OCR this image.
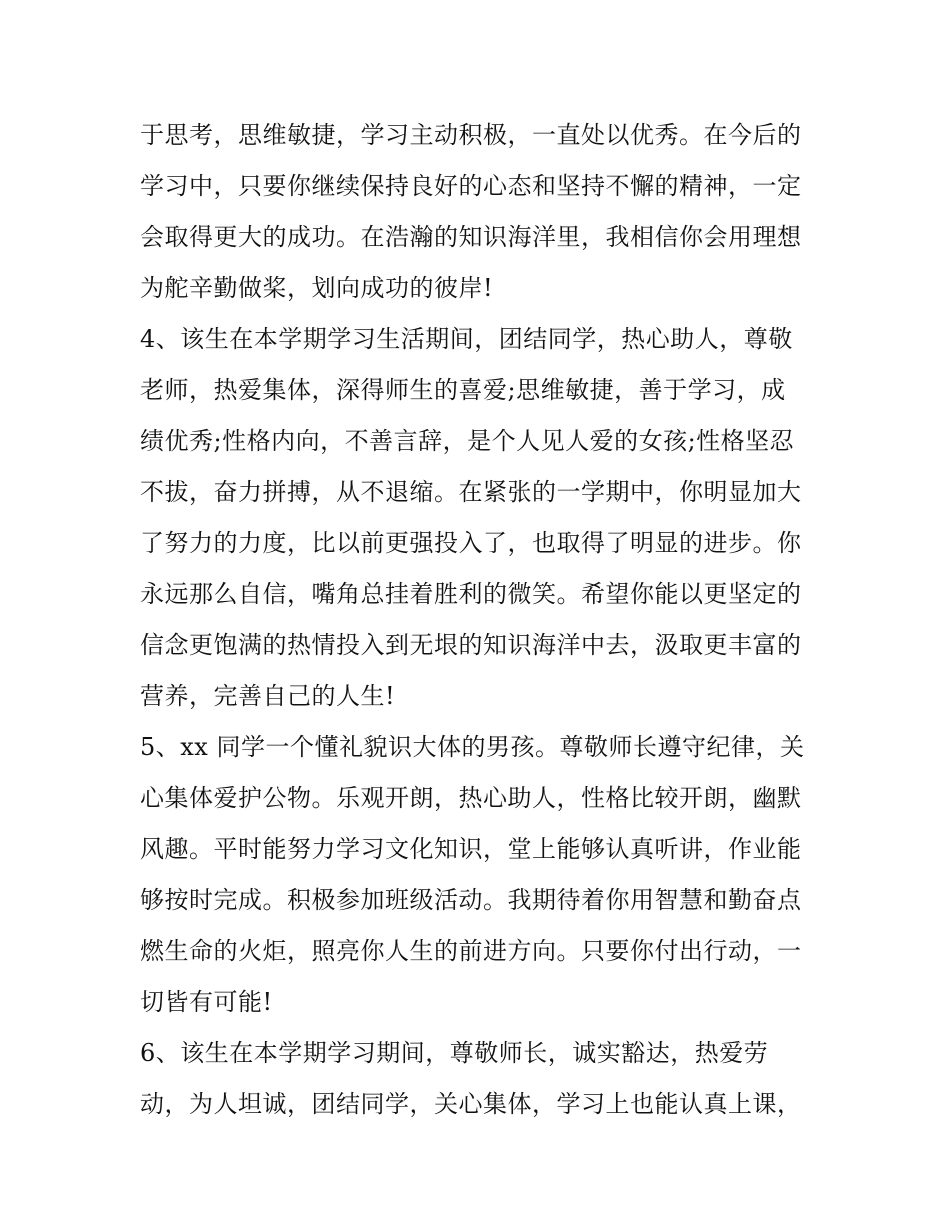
于思考，思维敏捷，学习主动积极，一直处以优秀。在今后的
学习中，只要你继续保持良好的心态和坚持不懈的精神，一定
会取得更大的成功。在浩瀚的知识海洋里，我相信你会用理想
为舵辛勤做桨，划向成功的彼岸!
4、该生在本学期学习生活期间，团结同学，热心助人，尊敬
老师，热爱集体，深得师生的喜爱;思维敏捷，善于学习，成
绩优秀;性格内向，不善言辞，是个人见人爱的女孩;性格坚忍
不拔，奋力拼搏，从不退缩。在紧张的一学期中，你明显加大
了努力的力度，比以前更强投入了，也取得了明显的进步。你
永远那么自信，嘴角总挂着胜利的微笑。希望你能以更坚定的
信念更饱满的热情投入到无垠的知识海洋中去，汲取更丰富的
营养，完善自己的人生!
5、xx 同学一个懂礼貌识大体的男孩。尊敬师长遵守纪律，关
心集体爱护公物。乐观开朗，热心助人，性格比较开朗，幽默
风趣。平时能努力学习文化知识，堂上能够认真听讲，作业能
够按时完成。积极参加班级活动。我期待着你用智慧和勤奋点
燃生命的火炬，照亮你人生的前进方向。只要你付出行动，一
切皆有可能!
6、该生在本学期学习期间，尊敬师长，诚实豁达，热爱劳
动，为人坦诚，团结同学，关心集体，学习上也能认真上课，
